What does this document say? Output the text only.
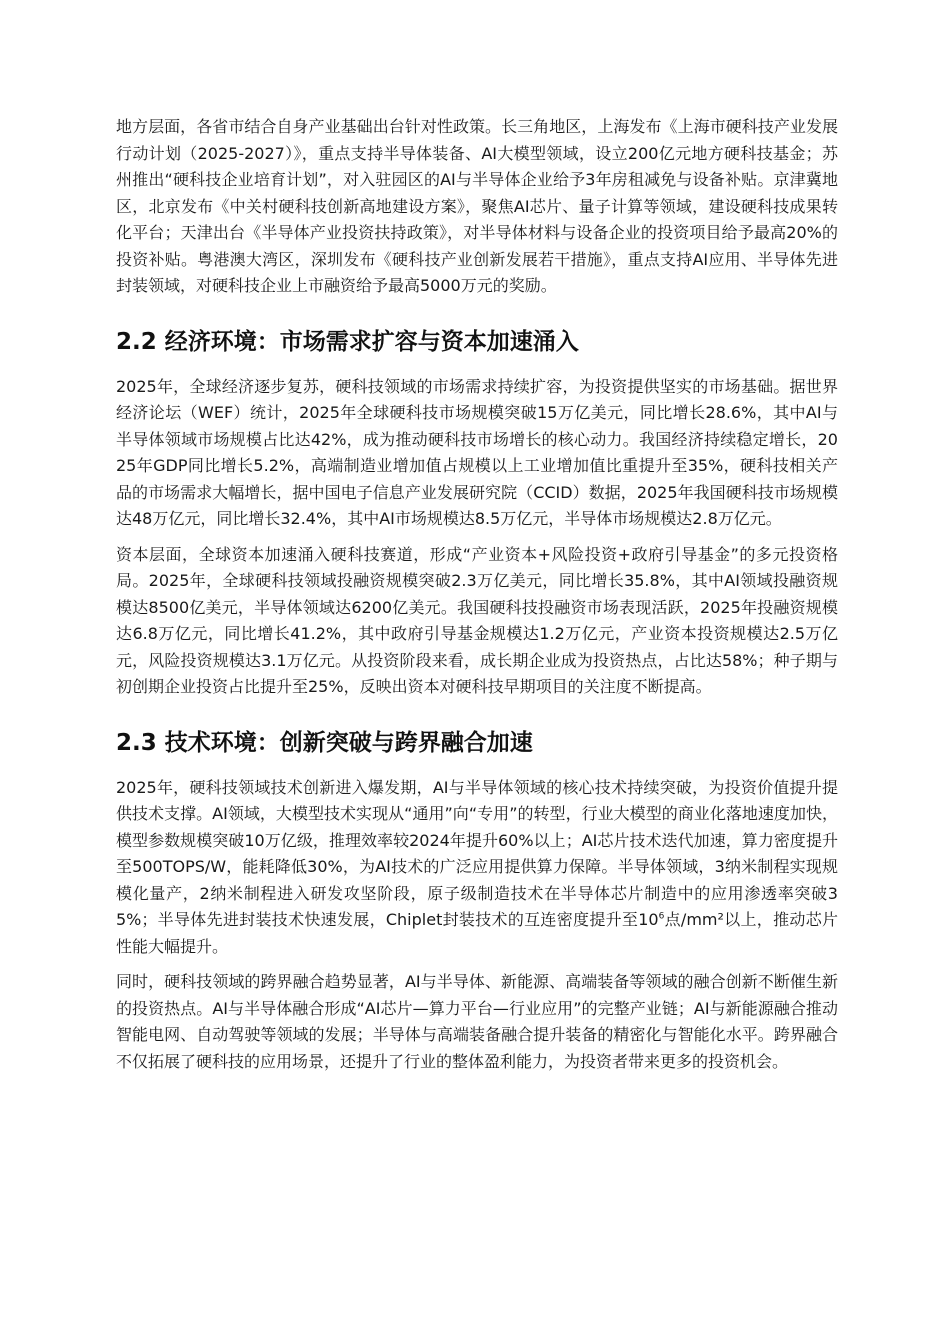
地方层面，各省市结合自身产业基础出台针对性政策。长三角地区，上海发布《上海市硬科技产业发展行动计划（2025-2027）》，重点支持半导体装备、AI大模型领域，设立200亿元地方硬科技基金；苏州推出“硬科技企业培育计划”，对入驻园区的AI与半导体企业给予3年房租减免与设备补贴。京津冀地区，北京发布《中关村硬科技创新高地建设方案》，聚焦AI芯片、量子计算等领域，建设硬科技成果转化平台；天津出台《半导体产业投资扶持政策》，对半导体材料与设备企业的投资项目给予最高20%的投资补贴。粤港澳大湾区，深圳发布《硬科技产业创新发展若干措施》，重点支持AI应用、半导体先进封装领域，对硬科技企业上市融资给予最高5000万元的奖励。

2.2 经济环境：市场需求扩容与资本加速涌入

2025年，全球经济逐步复苏，硬科技领域的市场需求持续扩容，为投资提供坚实的市场基础。据世界经济论坛（WEF）统计，2025年全球硬科技市场规模突破15万亿美元，同比增长28.6%，其中AI与半导体领域市场规模占比达42%，成为推动硬科技市场增长的核心动力。我国经济持续稳定增长，2025年GDP同比增长5.2%，高端制造业增加值占规模以上工业增加值比重提升至35%，硬科技相关产品的市场需求大幅增长，据中国电子信息产业发展研究院（CCID）数据，2025年我国硬科技市场规模达48万亿元，同比增长32.4%，其中AI市场规模达8.5万亿元，半导体市场规模达2.8万亿元。

资本层面，全球资本加速涌入硬科技赛道，形成“产业资本+风险投资+政府引导基金”的多元投资格局。2025年，全球硬科技领域投融资规模突破2.3万亿美元，同比增长35.8%，其中AI领域投融资规模达8500亿美元，半导体领域达6200亿美元。我国硬科技投融资市场表现活跃，2025年投融资规模达6.8万亿元，同比增长41.2%，其中政府引导基金规模达1.2万亿元，产业资本投资规模达2.5万亿元，风险投资规模达3.1万亿元。从投资阶段来看，成长期企业成为投资热点，占比达58%；种子期与初创期企业投资占比提升至25%，反映出资本对硬科技早期项目的关注度不断提高。

2.3 技术环境：创新突破与跨界融合加速

2025年，硬科技领域技术创新进入爆发期，AI与半导体领域的核心技术持续突破，为投资价值提升提供技术支撑。AI领域，大模型技术实现从“通用”向“专用”的转型，行业大模型的商业化落地速度加快，模型参数规模突破10万亿级，推理效率较2024年提升60%以上；AI芯片技术迭代加速，算力密度提升至500TOPS/W，能耗降低30%，为AI技术的广泛应用提供算力保障。半导体领域，3纳米制程实现规模化量产，2纳米制程进入研发攻坚阶段，原子级制造技术在半导体芯片制造中的应用渗透率突破35%；半导体先进封装技术快速发展，Chiplet封装技术的互连密度提升至$10^6$点/mm²以上，推动芯片性能大幅提升。

同时，硬科技领域的跨界融合趋势显著，AI与半导体、新能源、高端装备等领域的融合创新不断催生新的投资热点。AI与半导体融合形成“AI芯片—算力平台—行业应用”的完整产业链；AI与新能源融合推动智能电网、自动驾驶等领域的发展；半导体与高端装备融合提升装备的精密化与智能化水平。跨界融合不仅拓展了硬科技的应用场景，还提升了行业的整体盈利能力，为投资者带来更多的投资机会。
